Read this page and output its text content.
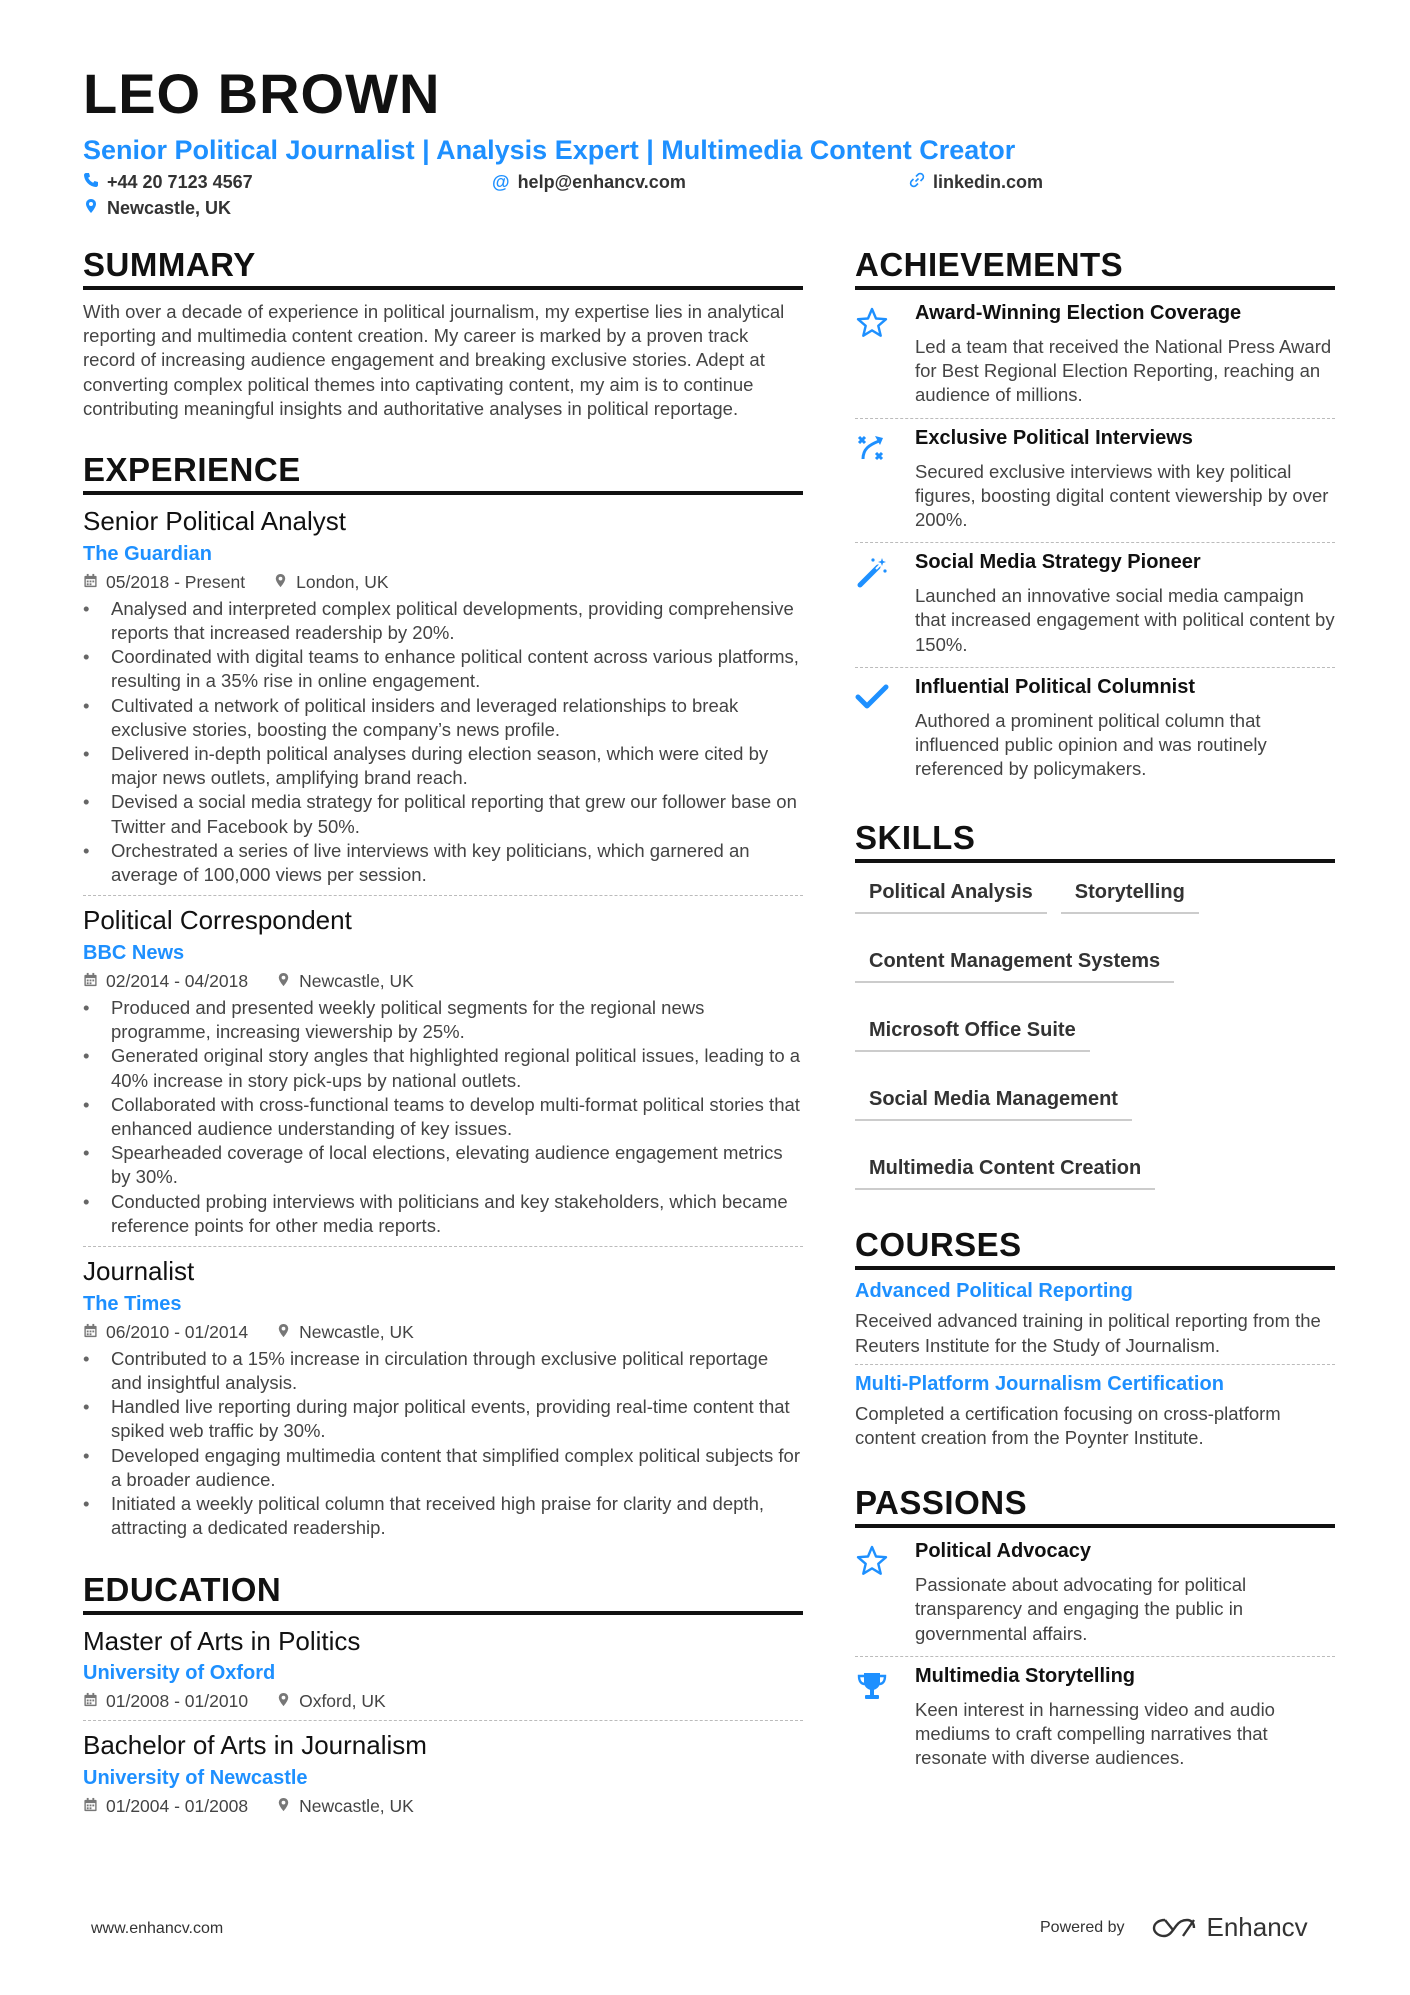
LEO BROWN
Senior Political Journalist | Analysis Expert | Multimedia Content Creator
+44 20 7123 4567	@ help@enhancv.com	linkedin.com
Newcastle, UK
SUMMARY

With over a decade of experience in political journalism, my expertise lies in analytical reporting and multimedia content creation. My career is marked by a proven track record of increasing audience engagement and breaking exclusive stories. Adept at converting complex political themes into captivating content, my aim is to continue contributing meaningful insights and authoritative analyses in political reportage.

EXPERIENCE
Senior Political Analyst
The Guardian
05/2018 - Present	London, UK
• Analysed and interpreted complex political developments, providing comprehensive reports that increased readership by 20%.
• Coordinated with digital teams to enhance political content across various platforms, resulting in a 35% rise in online engagement.
• Cultivated a network of political insiders and leveraged relationships to break exclusive stories, boosting the company’s news profile.
• Delivered in-depth political analyses during election season, which were cited by major news outlets, amplifying brand reach.
• Devised a social media strategy for political reporting that grew our follower base on Twitter and Facebook by 50%.
• Orchestrated a series of live interviews with key politicians, which garnered an average of 100,000 views per session.
Political Correspondent
BBC News
02/2014 - 04/2018	Newcastle, UK
• Produced and presented weekly political segments for the regional news programme, increasing viewership by 25%.
• Generated original story angles that highlighted regional political issues, leading to a 40% increase in story pick-ups by national outlets.
• Collaborated with cross-functional teams to develop multi-format political stories that enhanced audience understanding of key issues.
• Spearheaded coverage of local elections, elevating audience engagement metrics by 30%.
• Conducted probing interviews with politicians and key stakeholders, which became reference points for other media reports.
Journalist
The Times
06/2010 - 01/2014	Newcastle, UK
• Contributed to a 15% increase in circulation through exclusive political reportage and insightful analysis.
• Handled live reporting during major political events, providing real-time content that spiked web traffic by 30%.
• Developed engaging multimedia content that simplified complex political subjects for a broader audience.
• Initiated a weekly political column that received high praise for clarity and depth, attracting a dedicated readership.
EDUCATION
Master of Arts in Politics
University of Oxford
01/2008 - 01/2010	Oxford, UK
Bachelor of Arts in Journalism
University of Newcastle
01/2004 - 01/2008	Newcastle, UK
ACHIEVEMENTS
Award-Winning Election Coverage
Led a team that received the National Press Award for Best Regional Election Reporting, reaching an audience of millions.
Exclusive Political Interviews
Secured exclusive interviews with key political figures, boosting digital content viewership by over 200%.
Social Media Strategy Pioneer
Launched an innovative social media campaign that increased engagement with political content by 150%.
Influential Political Columnist
Authored a prominent political column that influenced public opinion and was routinely referenced by policymakers.
SKILLS
Political Analysis	Storytelling
Content Management Systems
Microsoft Office Suite
Social Media Management
Multimedia Content Creation
COURSES
Advanced Political Reporting
Received advanced training in political reporting from the Reuters Institute for the Study of Journalism.
Multi-Platform Journalism Certification
Completed a certification focusing on cross-platform content creation from the Poynter Institute.
PASSIONS
Political Advocacy
Passionate about advocating for political transparency and engaging the public in governmental affairs.
Multimedia Storytelling
Keen interest in harnessing video and audio mediums to craft compelling narratives that resonate with diverse audiences.
www.enhancv.com	Powered by	Enhancv
